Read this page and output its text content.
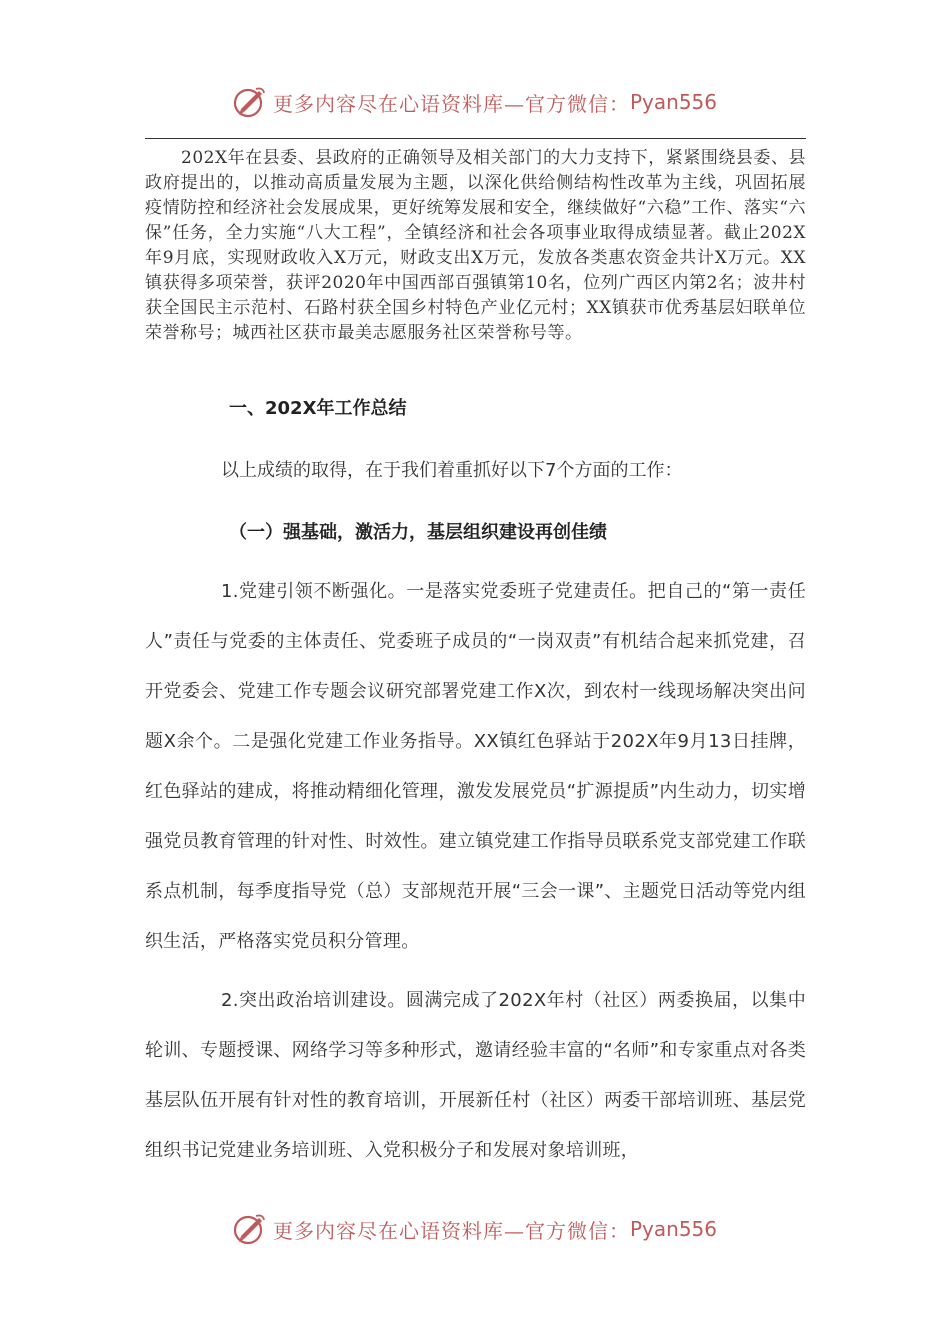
更多内容尽在心语资料库—官方微信： Pyan556

202X年在县委、县政府的正确领导及相关部门的大力支持下，紧紧围绕县委、县政府提出的，以推动高质量发展为主题，以深化供给侧结构性改革为主线，巩固拓展疫情防控和经济社会发展成果，更好统筹发展和安全，继续做好“六稳”工作、落实“六保”任务，全力实施“八大工程”，全镇经济和社会各项事业取得成绩显著。截止202X年9月底，实现财政收入X万元，财政支出X万元，发放各类惠农资金共计X万元。XX镇获得多项荣誉，获评2020年中国西部百强镇第10名，位列广西区内第2名；波井村获全国民主示范村、石路村获全国乡村特色产业亿元村；XX镇获市优秀基层妇联单位荣誉称号；城西社区获市最美志愿服务社区荣誉称号等。

一、202X年工作总结

以上成绩的取得，在于我们着重抓好以下7个方面的工作：

（一）强基础，激活力，基层组织建设再创佳绩

1.党建引领不断强化。一是落实党委班子党建责任。把自己的“第一责任人”责任与党委的主体责任、党委班子成员的“一岗双责”有机结合起来抓党建，召开党委会、党建工作专题会议研究部署党建工作X次，到农村一线现场解决突出问题X余个。二是强化党建工作业务指导。XX镇红色驿站于202X年9月13日挂牌，红色驿站的建成，将推动精细化管理，激发发展党员“扩源提质”内生动力，切实增强党员教育管理的针对性、时效性。建立镇党建工作指导员联系党支部党建工作联系点机制，每季度指导党（总）支部规范开展“三会一课”、主题党日活动等党内组织生活，严格落实党员积分管理。

2.突出政治培训建设。圆满完成了202X年村（社区）两委换届，以集中轮训、专题授课、网络学习等多种形式，邀请经验丰富的“名师”和专家重点对各类基层队伍开展有针对性的教育培训，开展新任村（社区）两委干部培训班、基层党组织书记党建业务培训班、入党积极分子和发展对象培训班，

更多内容尽在心语资料库—官方微信： Pyan556
